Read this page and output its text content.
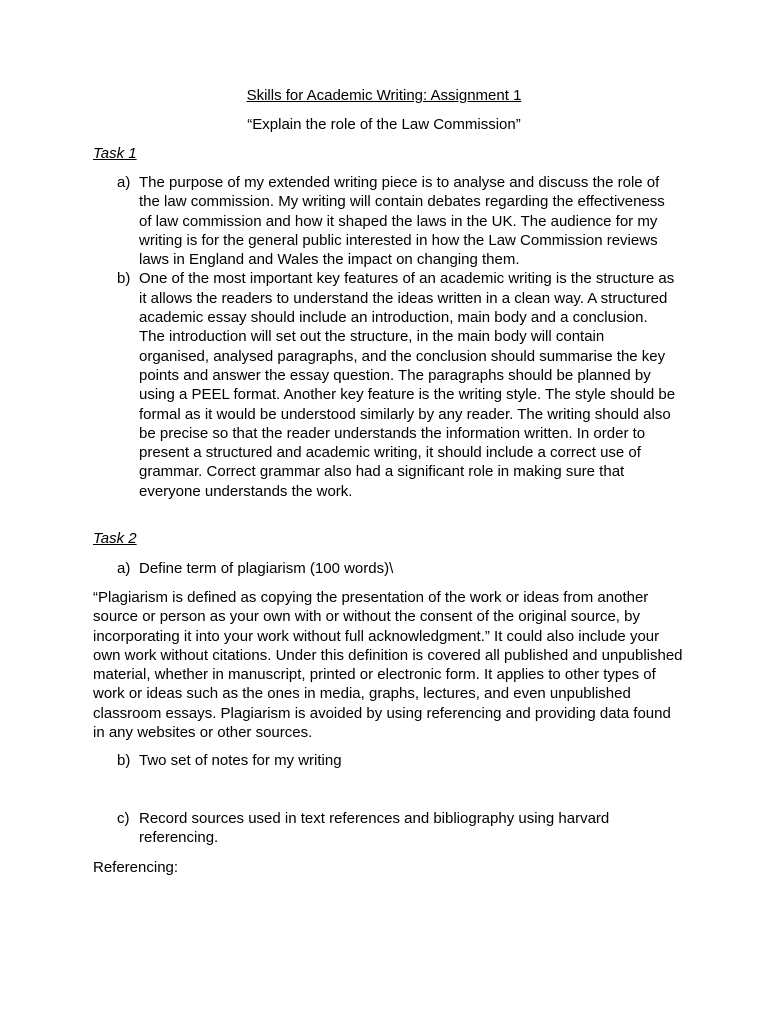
Skills for Academic Writing: Assignment 1
“Explain the role of the Law Commission”
Task 1
a) The purpose of my extended writing piece is to analyse and discuss the role of the law commission. My writing will contain debates regarding the effectiveness of law commission and how it shaped the laws in the UK. The audience for my writing is for the general public interested in how the Law Commission reviews laws in England and Wales the impact on changing them.
b) One of the most important key features of an academic writing is the structure as it allows the readers to understand the ideas written in a clean way. A structured academic essay should include an introduction, main body and a conclusion. The introduction will set out the structure, in the main body will contain organised, analysed paragraphs, and the conclusion should summarise the key points and answer the essay question. The paragraphs should be planned by using a PEEL format. Another key feature is the writing style. The style should be formal as it would be understood similarly by any reader. The writing should also be precise so that the reader understands the information written. In order to present a structured and academic writing, it should include a correct use of grammar. Correct grammar also had a significant role in making sure that everyone understands the work.
Task 2
a) Define term of plagiarism (100 words)\

“Plagiarism is defined as copying the presentation of the work or ideas from another source or person as your own with or without the consent of the original source, by incorporating it into your work without full acknowledgment.” It could also include your own work without citations. Under this definition is covered all published and unpublished material, whether in manuscript, printed or electronic form. It applies to other types of work or ideas such as the ones in media, graphs, lectures, and even unpublished classroom essays. Plagiarism is avoided by using referencing and providing data found in any websites or other sources.

b) Two set of notes for my writing
c) Record sources used in text references and bibliography using harvard referencing.

Referencing:
